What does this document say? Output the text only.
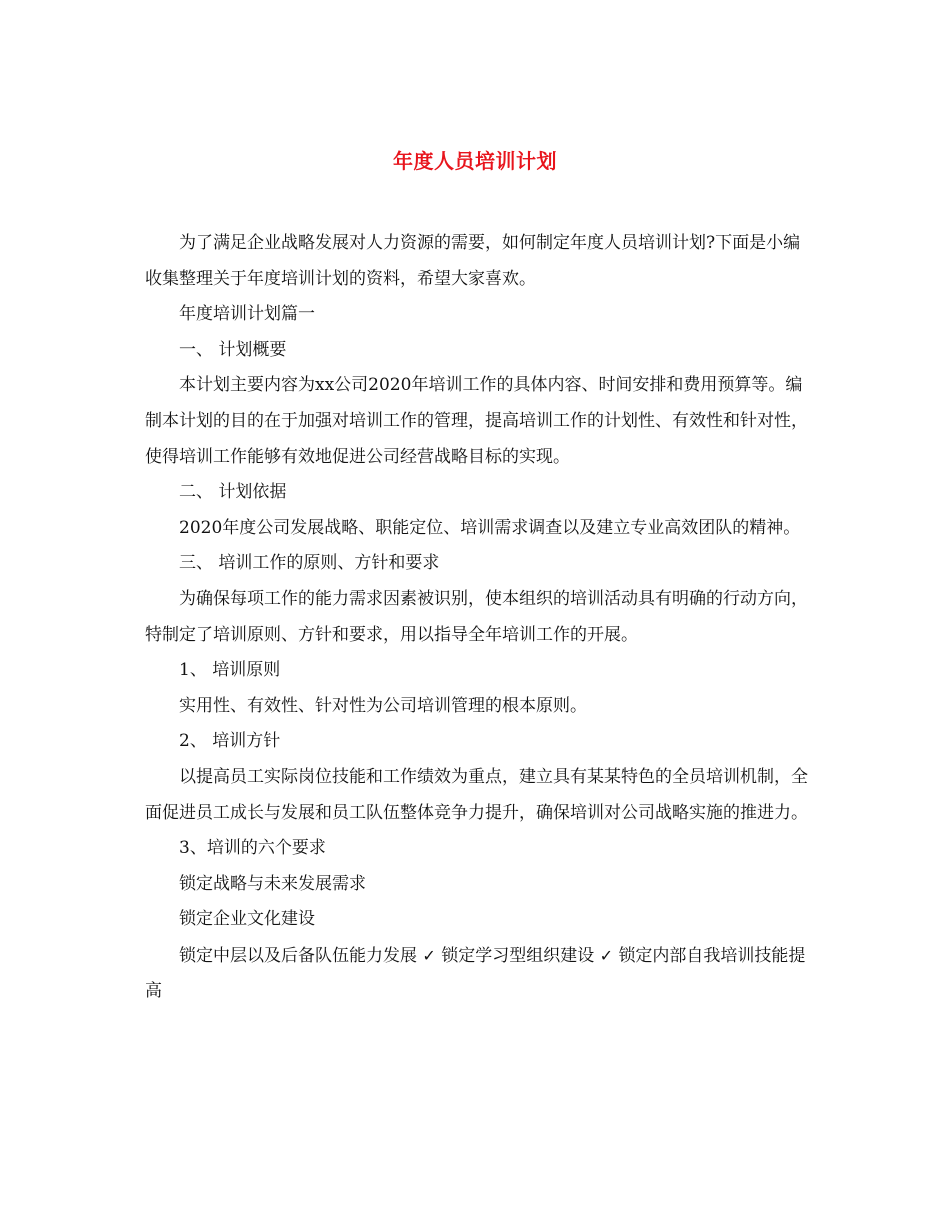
年度人员培训计划

为了满足企业战略发展对人力资源的需要，如何制定年度人员培训计划?下面是小编收集整理关于年度培训计划的资料，希望大家喜欢。

年度培训计划篇一

一、 计划概要

本计划主要内容为xx公司2020年培训工作的具体内容、时间安排和费用预算等。编制本计划的目的在于加强对培训工作的管理，提高培训工作的计划性、有效性和针对性，使得培训工作能够有效地促进公司经营战略目标的实现。

二、 计划依据

2020年度公司发展战略、职能定位、培训需求调查以及建立专业高效团队的精神。

三、 培训工作的原则、方针和要求

为确保每项工作的能力需求因素被识别，使本组织的培训活动具有明确的行动方向，特制定了培训原则、方针和要求，用以指导全年培训工作的开展。

1、 培训原则

实用性、有效性、针对性为公司培训管理的根本原则。

2、 培训方针

以提高员工实际岗位技能和工作绩效为重点，建立具有某某特色的全员培训机制，全面促进员工成长与发展和员工队伍整体竞争力提升，确保培训对公司战略实施的推进力。

3、培训的六个要求

锁定战略与未来发展需求

锁定企业文化建设

锁定中层以及后备队伍能力发展 ✓ 锁定学习型组织建设 ✓ 锁定内部自我培训技能提高
